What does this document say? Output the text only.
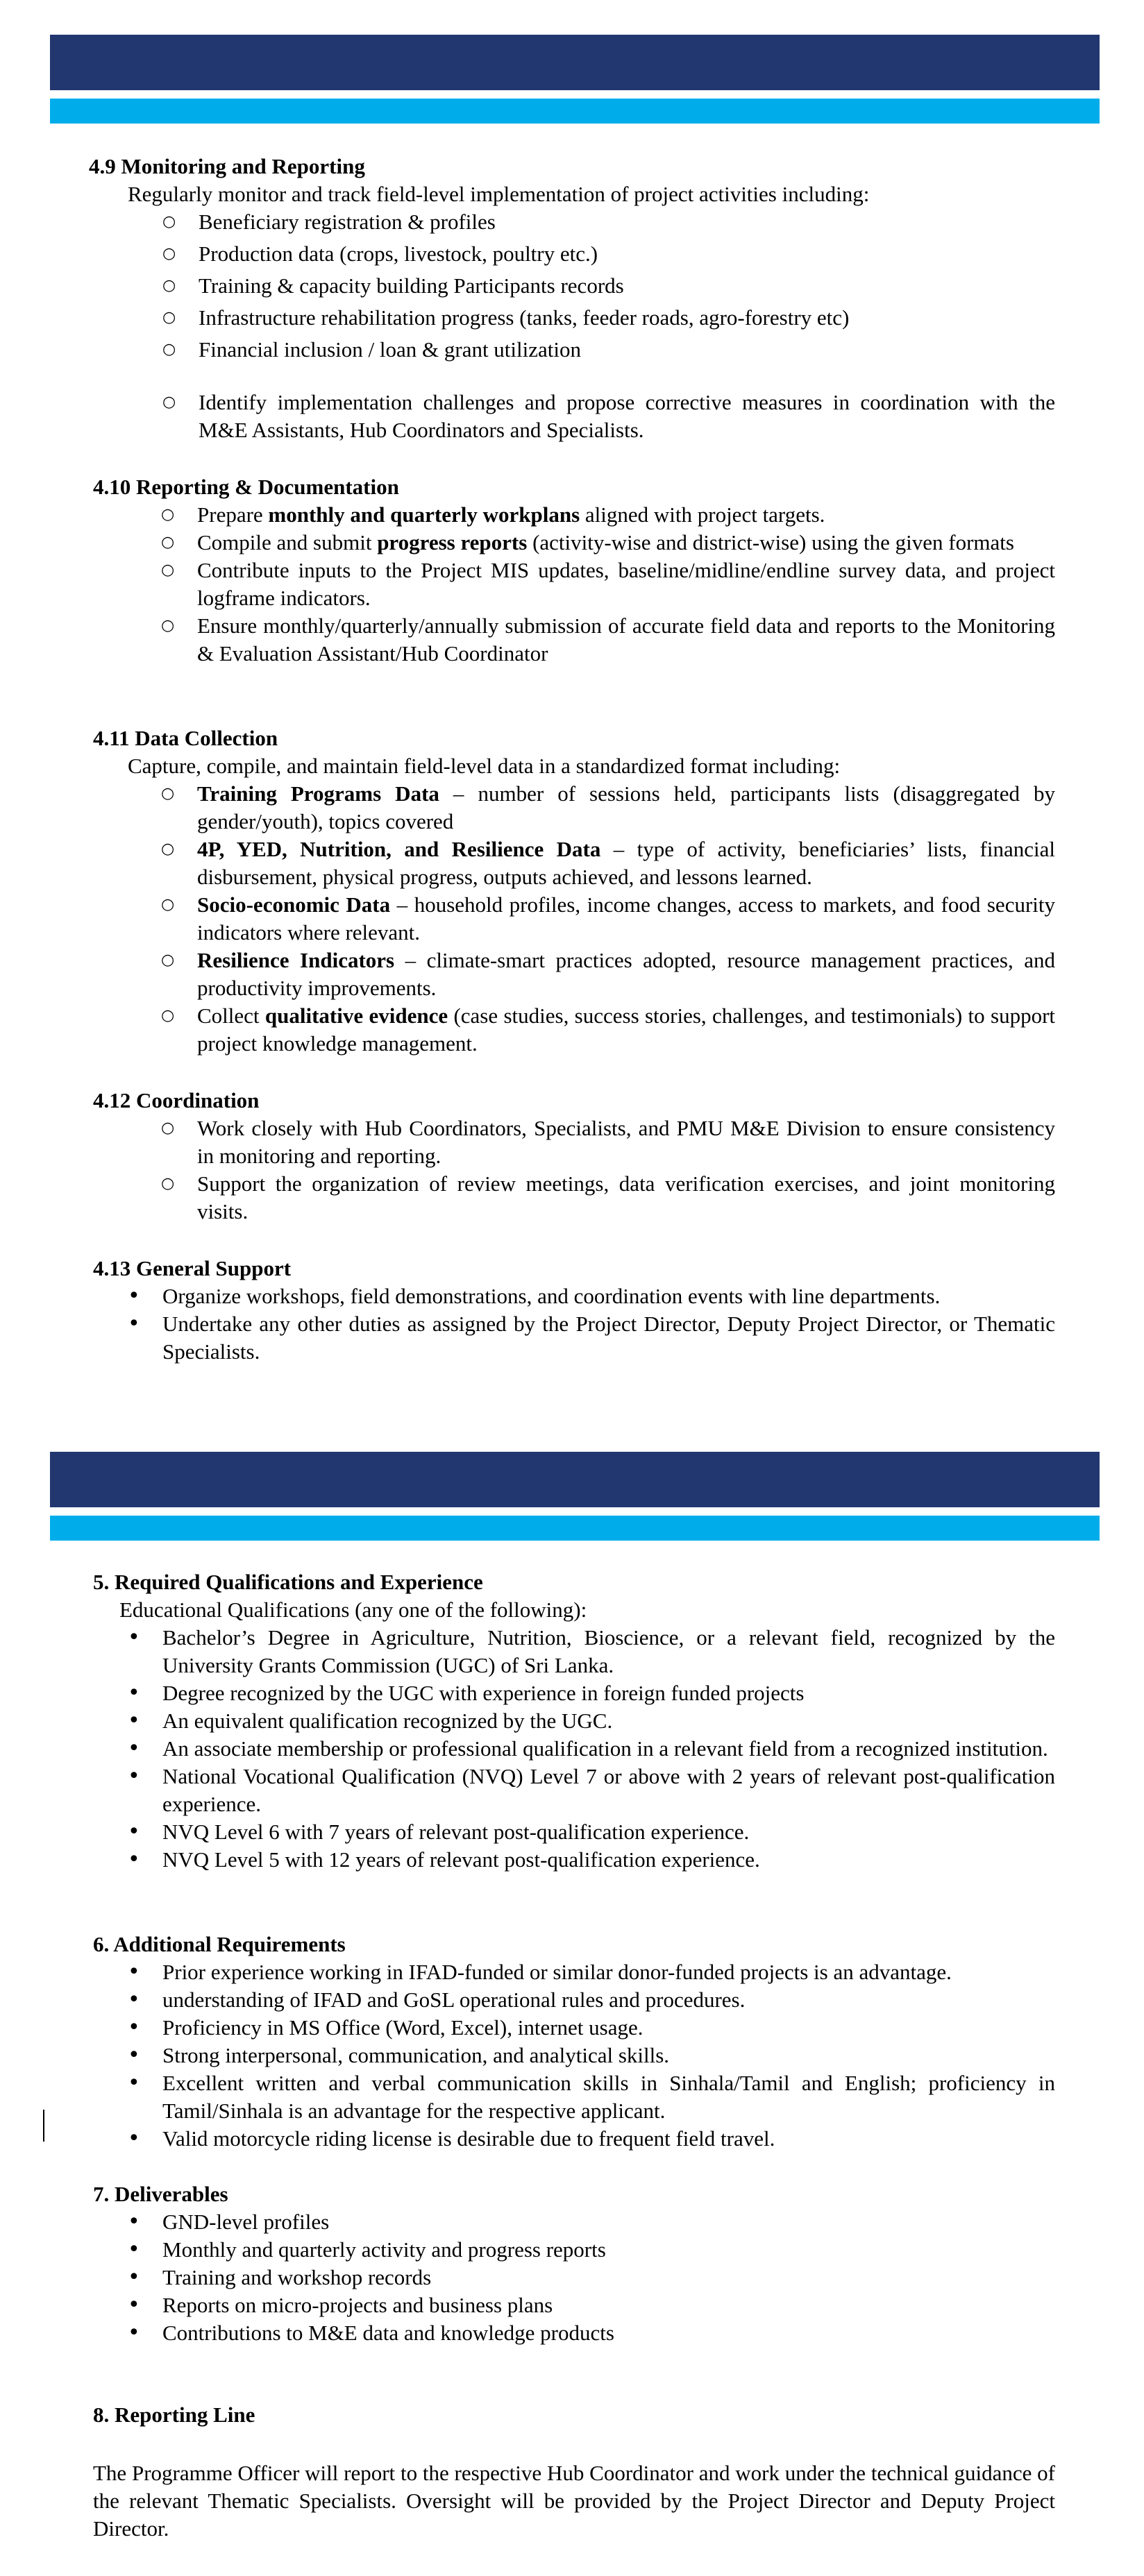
4.9 Monitoring and Reporting

Regularly monitor and track field-level implementation of project activities including:

○ Beneficiary registration & profiles
○ Production data (crops, livestock, poultry etc.)
○ Training & capacity building Participants records
○ Infrastructure rehabilitation progress (tanks, feeder roads, agro-forestry etc)
○ Financial inclusion / loan & grant utilization
○ Identify implementation challenges and propose corrective measures in coordination with the M&E Assistants, Hub Coordinators and Specialists.

4.10 Reporting & Documentation

○ Prepare monthly and quarterly workplans aligned with project targets.
○ Compile and submit progress reports (activity-wise and district-wise) using the given formats
○ Contribute inputs to the Project MIS updates, baseline/midline/endline survey data, and project logframe indicators.
○ Ensure monthly/quarterly/annually submission of accurate field data and reports to the Monitoring & Evaluation Assistant/Hub Coordinator

4.11 Data Collection

Capture, compile, and maintain field-level data in a standardized format including:

○ Training Programs Data – number of sessions held, participants lists (disaggregated by gender/youth), topics covered
○ 4P, YED, Nutrition, and Resilience Data – type of activity, beneficiaries’ lists, financial disbursement, physical progress, outputs achieved, and lessons learned.
○ Socio-economic Data – household profiles, income changes, access to markets, and food security indicators where relevant.
○ Resilience Indicators – climate-smart practices adopted, resource management practices, and productivity improvements.
○ Collect qualitative evidence (case studies, success stories, challenges, and testimonials) to support project knowledge management.

4.12 Coordination

○ Work closely with Hub Coordinators, Specialists, and PMU M&E Division to ensure consistency in monitoring and reporting.
○ Support the organization of review meetings, data verification exercises, and joint monitoring visits.

4.13 General Support

• Organize workshops, field demonstrations, and coordination events with line departments.
• Undertake any other duties as assigned by the Project Director, Deputy Project Director, or Thematic Specialists.

5. Required Qualifications and Experience

Educational Qualifications (any one of the following):

• Bachelor’s Degree in Agriculture, Nutrition, Bioscience, or a relevant field, recognized by the University Grants Commission (UGC) of Sri Lanka.
• Degree recognized by the UGC with experience in foreign funded projects
• An equivalent qualification recognized by the UGC.
• An associate membership or professional qualification in a relevant field from a recognized institution.
• National Vocational Qualification (NVQ) Level 7 or above with 2 years of relevant post-qualification experience.
• NVQ Level 6 with 7 years of relevant post-qualification experience.
• NVQ Level 5 with 12 years of relevant post-qualification experience.

6. Additional Requirements

• Prior experience working in IFAD-funded or similar donor-funded projects is an advantage.
• understanding of IFAD and GoSL operational rules and procedures.
• Proficiency in MS Office (Word, Excel), internet usage.
• Strong interpersonal, communication, and analytical skills.
• Excellent written and verbal communication skills in Sinhala/Tamil and English; proficiency in Tamil/Sinhala is an advantage for the respective applicant.
• Valid motorcycle riding license is desirable due to frequent field travel.

7. Deliverables

• GND-level profiles
• Monthly and quarterly activity and progress reports
• Training and workshop records
• Reports on micro-projects and business plans
• Contributions to M&E data and knowledge products

8. Reporting Line

The Programme Officer will report to the respective Hub Coordinator and work under the technical guidance of the relevant Thematic Specialists. Oversight will be provided by the Project Director and Deputy Project Director.
